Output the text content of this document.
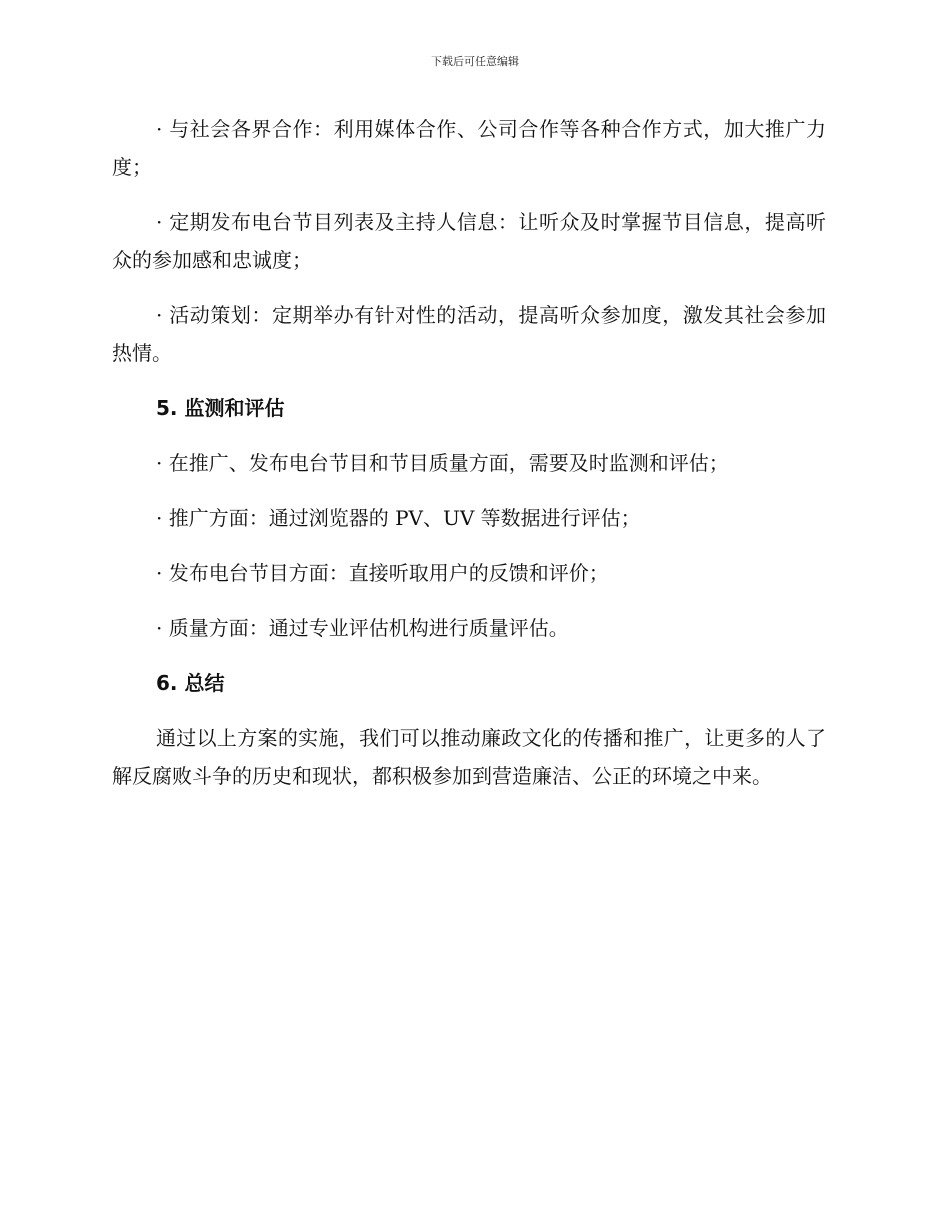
下载后可任意编辑

· 与社会各界合作：利用媒体合作、公司合作等各种合作方式，加大推广力度；

· 定期发布电台节目列表及主持人信息：让听众及时掌握节目信息，提高听众的参加感和忠诚度；

· 活动策划：定期举办有针对性的活动，提高听众参加度，激发其社会参加热情。

5. 监测和评估

· 在推广、发布电台节目和节目质量方面，需要及时监测和评估；

· 推广方面：通过浏览器的 PV、UV 等数据进行评估；

· 发布电台节目方面：直接听取用户的反馈和评价；

· 质量方面：通过专业评估机构进行质量评估。

6. 总结

通过以上方案的实施，我们可以推动廉政文化的传播和推广，让更多的人了解反腐败斗争的历史和现状，都积极参加到营造廉洁、公正的环境之中来。
